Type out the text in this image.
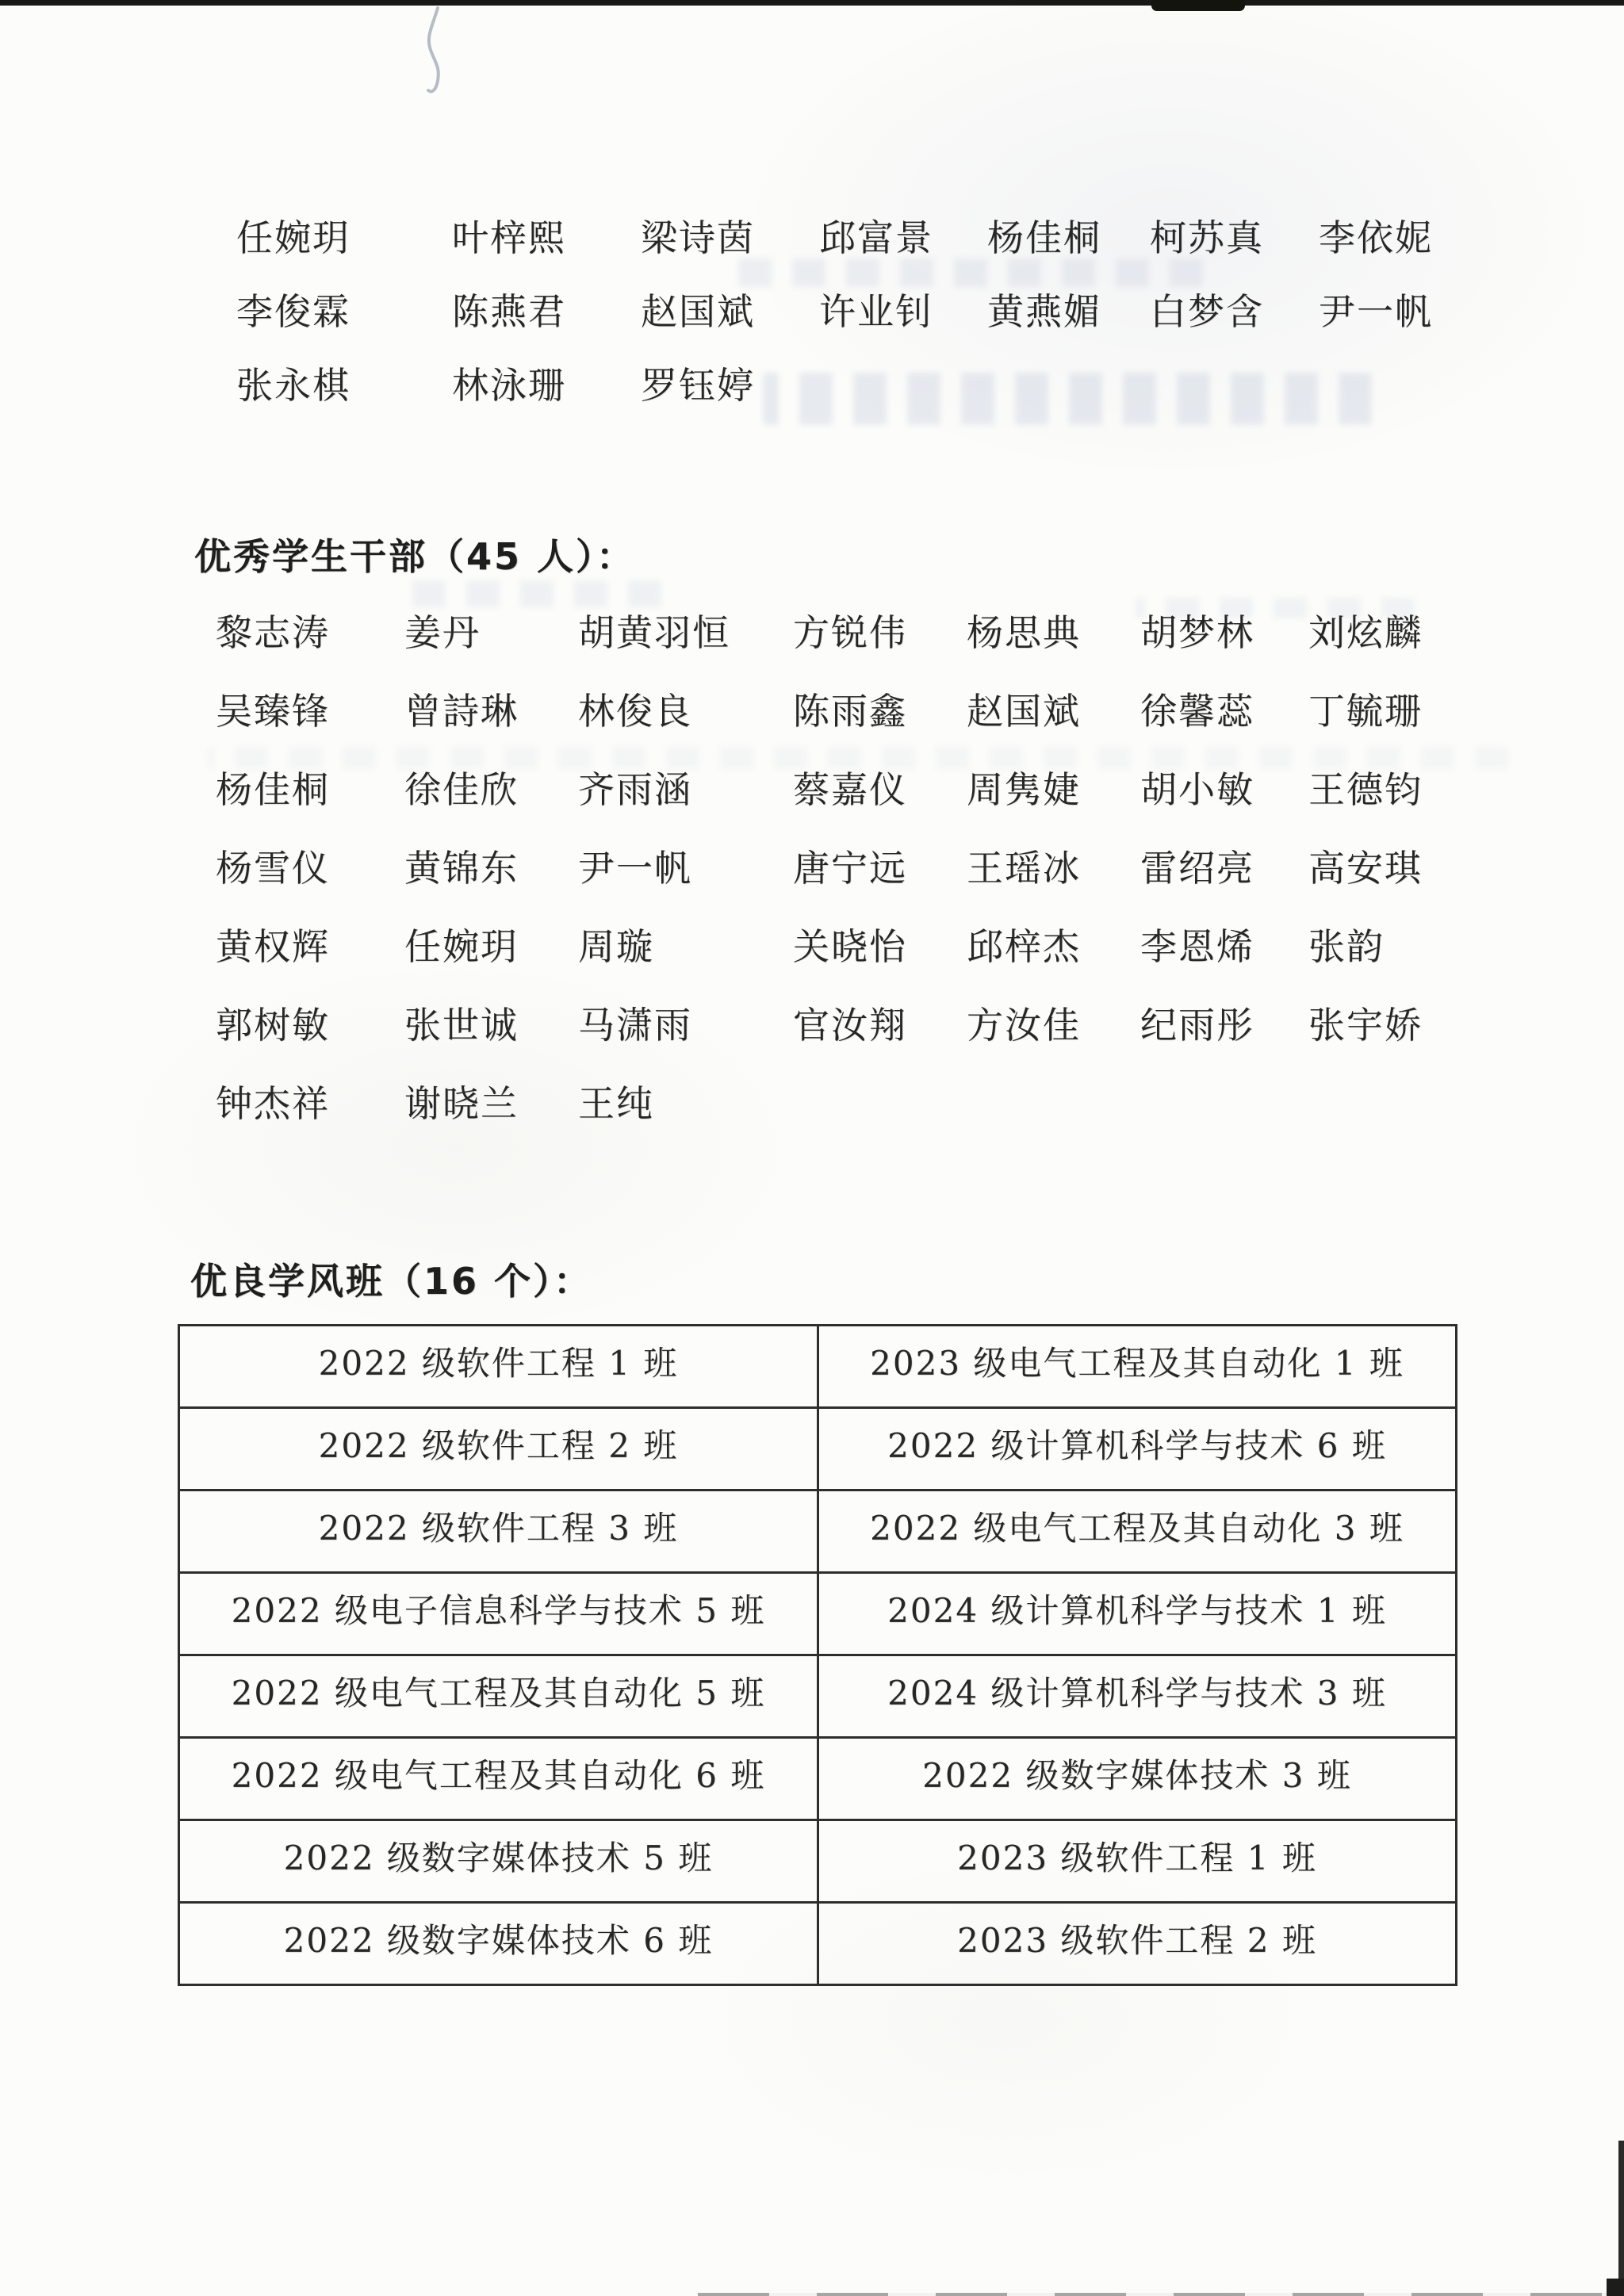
任婉玥	叶梓熙	梁诗茵	邱富景	杨佳桐	柯苏真	李依妮
李俊霖	陈燕君	赵国斌	许业钊	黄燕媚	白梦含	尹一帆
张永棋	林泳珊	罗钰婷
优秀学生干部（45 人）：
黎志涛	姜丹	胡黄羽恒	方锐伟	杨思典	胡梦林	刘炫麟
吴臻锋	曾詩琳	林俊良	陈雨鑫	赵国斌	徐馨蕊	丁毓珊
杨佳桐	徐佳欣	齐雨涵	蔡嘉仪	周隽婕	胡小敏	王德钧
杨雪仪	黄锦东	尹一帆	唐宁远	王瑶冰	雷绍亮	高安琪
黄权辉	任婉玥	周璇	关晓怡	邱梓杰	李恩烯	张韵
郭树敏	张世诚	马潇雨	官汝翔	方汝佳	纪雨彤	张宇娇
钟杰祥	谢晓兰	王纯
优良学风班（16 个）：
2022 级软件工程 1 班	2023 级电气工程及其自动化 1 班
2022 级软件工程 2 班	2022 级计算机科学与技术 6 班
2022 级软件工程 3 班	2022 级电气工程及其自动化 3 班
2022 级电子信息科学与技术 5 班	2024 级计算机科学与技术 1 班
2022 级电气工程及其自动化 5 班	2024 级计算机科学与技术 3 班
2022 级电气工程及其自动化 6 班	2022 级数字媒体技术 3 班
2022 级数字媒体技术 5 班	2023 级软件工程 1 班
2022 级数字媒体技术 6 班	2023 级软件工程 2 班
